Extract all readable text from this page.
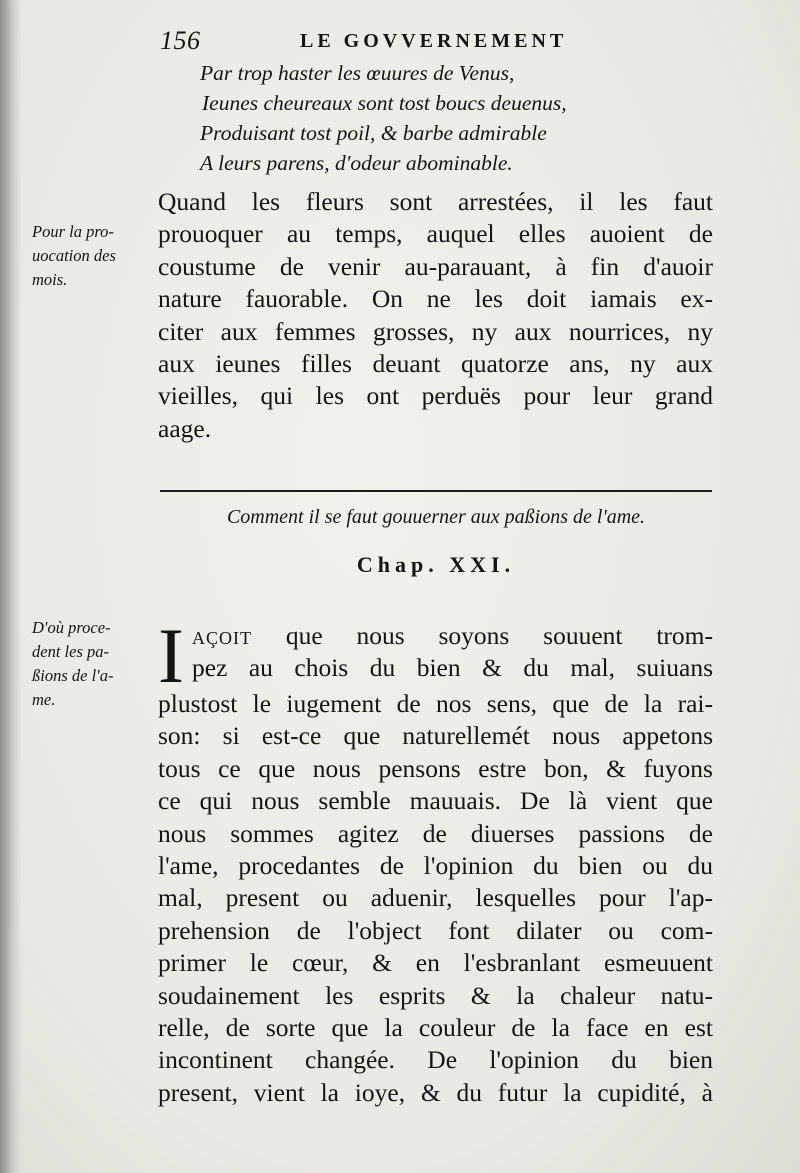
156	LE GOVVERNEMENT
Par trop haster les œuures de Venus,
Ieunes cheureaux sont tost boucs deuenus,
Produisant tost poil, & barbe admirable
A leurs parens, d'odeur abominable.
Pour la pro-
uocation des
mois.
Quand les fleurs sont arrestées, il les faut
prouoquer au temps, auquel elles auoient de
coustume de venir au-parauant, à fin d'auoir
nature fauorable. On ne les doit iamais ex-
citer aux femmes grosses, ny aux nourrices, ny
aux ieunes filles deuant quatorze ans, ny aux
vieilles, qui les ont perduës pour leur grand
aage.
Comment il se faut gouuerner aux paßions de l'ame.
Chap. XXI.
D'où proce-
dent les pa-
ßions de l'a-
me.
I açoit que nous soyons souuent trom-
pez au chois du bien & du mal, suiuans
plustost le iugement de nos sens, que de la rai-
son: si est-ce que naturellemét nous appetons
tous ce que nous pensons estre bon, & fuyons
ce qui nous semble mauuais. De là vient que
nous sommes agitez de diuerses passions de
l'ame, procedantes de l'opinion du bien ou du
mal, present ou aduenir, lesquelles pour l'ap-
prehension de l'object font dilater ou com-
primer le cœur, & en l'esbranlant esmeuuent
soudainement les esprits & la chaleur natu-
relle, de sorte que la couleur de la face en est
incontinent changée. De l'opinion du bien
present, vient la ioye, & du futur la cupidité, à
